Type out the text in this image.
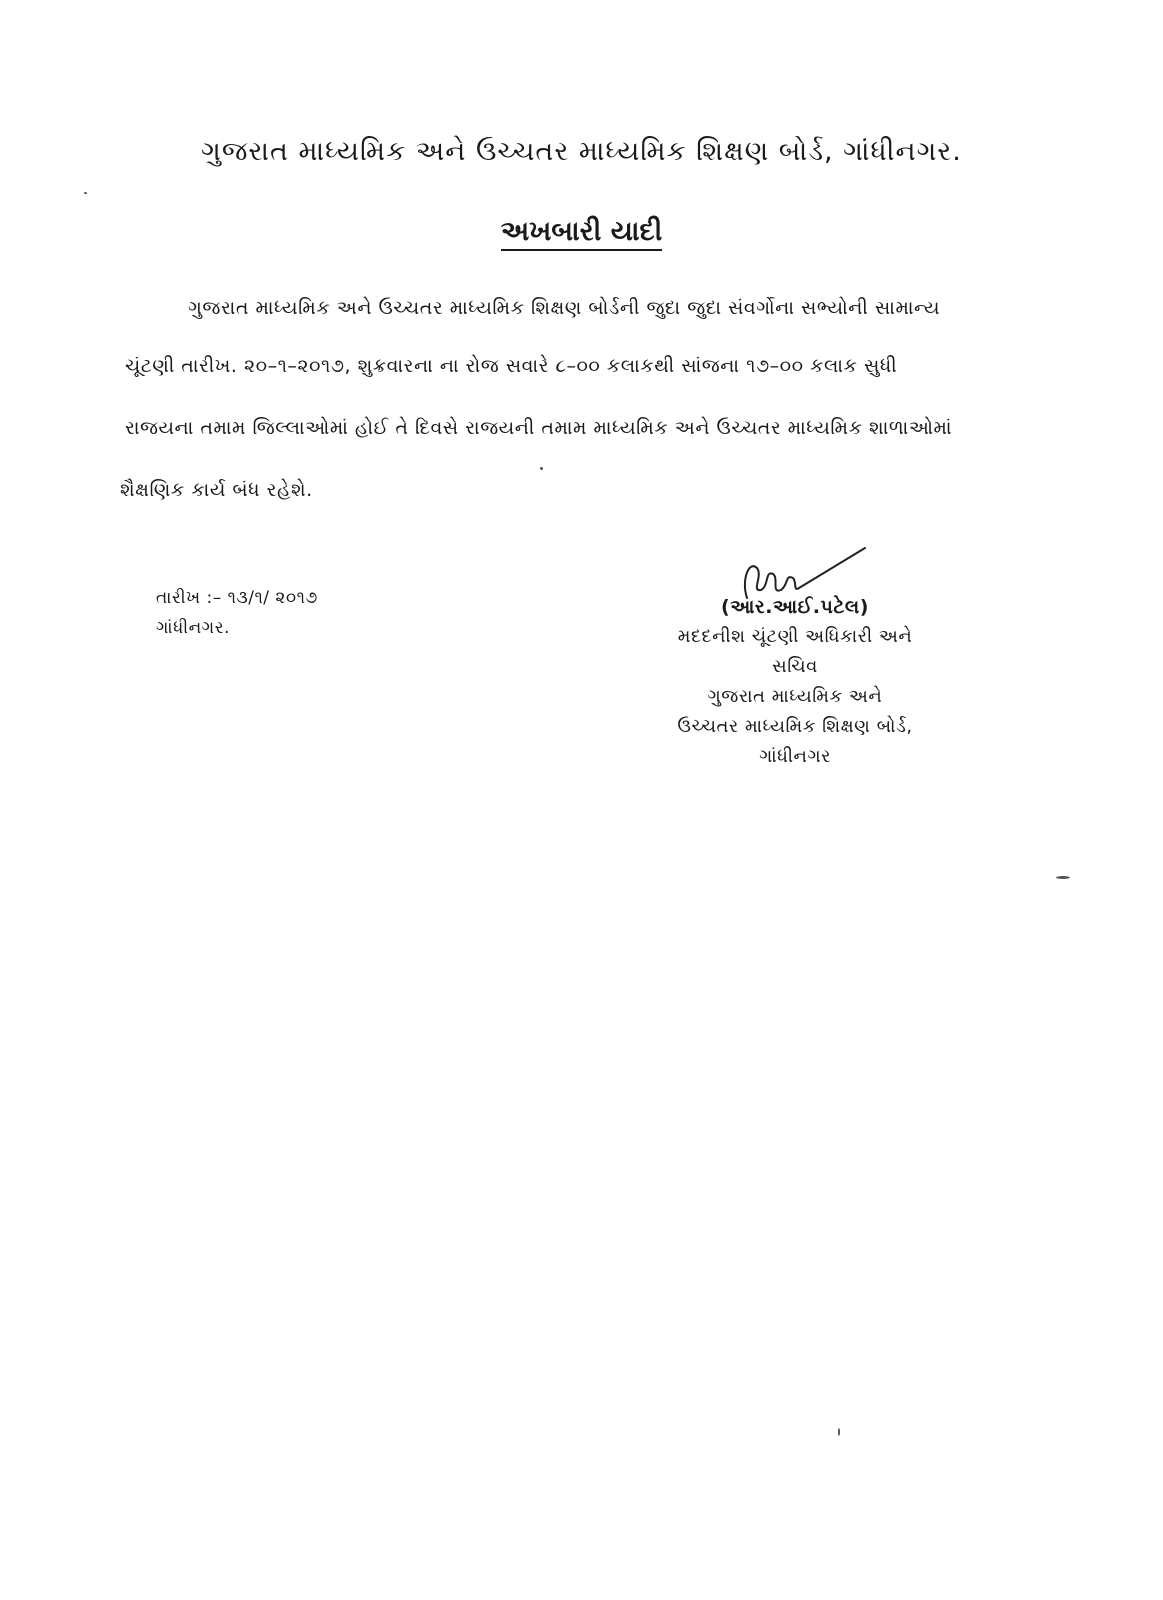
ગુજરાત માધ્યમિક અને ઉચ્ચતર માધ્યમિક શિક્ષણ બોર્ડ, ગાંધીનગર.
અખબારી યાદી
ગુજરાત માધ્યમિક અને ઉચ્ચતર માધ્યમિક શિક્ષણ બોર્ડની જુદા જુદા સંવર્ગોના સભ્યોની સામાન્ય
ચૂંટણી તારીખ. ૨૦–૧–૨૦૧૭, શુક્રવારના ના રોજ સવારે ૮–૦૦ કલાકથી સાંજના ૧૭–૦૦ કલાક સુધી
રાજયના તમામ જિલ્લાઓમાં હોઈ તે દિવસે રાજયની તમામ માધ્યમિક અને ઉચ્ચતર માધ્યમિક શાળાઓમાં
શૈક્ષણિક કાર્ય બંધ રહેશે.
તારીખ :– ૧૩/૧/ ૨૦૧૭
ગાંધીનગર.
(આર.આઈ.પટેલ)
મદદનીશ ચૂંટણી અધિકારી અને
સચિવ
ગુજરાત માધ્યમિક અને
ઉચ્ચતર માધ્યમિક શિક્ષણ બોર્ડ,
ગાંધીનગર
